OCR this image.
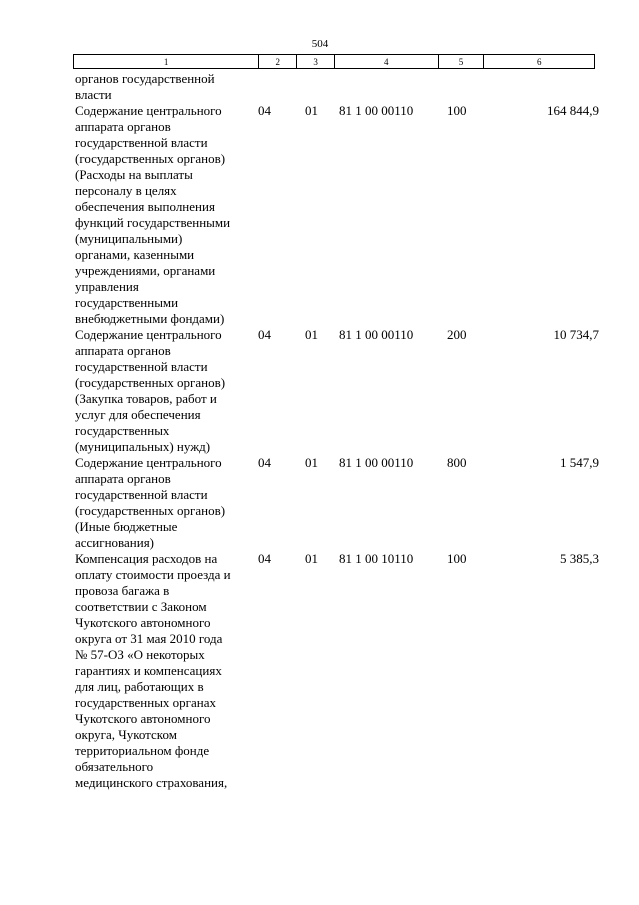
504
1	2	3	4	5	6
органов государственной
власти
Содержание центрального
аппарата органов
государственной власти
(государственных органов)
(Расходы на выплаты
персоналу в целях
обеспечения выполнения
функций государственными
(муниципальными)
органами, казенными
учреждениями, органами
управления
государственными
внебюджетными фондами)
04	01	81 1 00 00110	100	164 844,9
Содержание центрального
аппарата органов
государственной власти
(государственных органов)
(Закупка товаров, работ и
услуг для обеспечения
государственных
(муниципальных) нужд)
04	01	81 1 00 00110	200	10 734,7
Содержание центрального
аппарата органов
государственной власти
(государственных органов)
(Иные бюджетные
ассигнования)
04	01	81 1 00 00110	800	1 547,9
Компенсация расходов на
оплату стоимости проезда и
провоза багажа в
соответствии с Законом
Чукотского автономного
округа от 31 мая 2010 года
№ 57-ОЗ «О некоторых
гарантиях и компенсациях
для лиц, работающих в
государственных органах
Чукотского автономного
округа, Чукотском
территориальном фонде
обязательного
медицинского страхования,
04	01	81 1 00 10110	100	5 385,3
